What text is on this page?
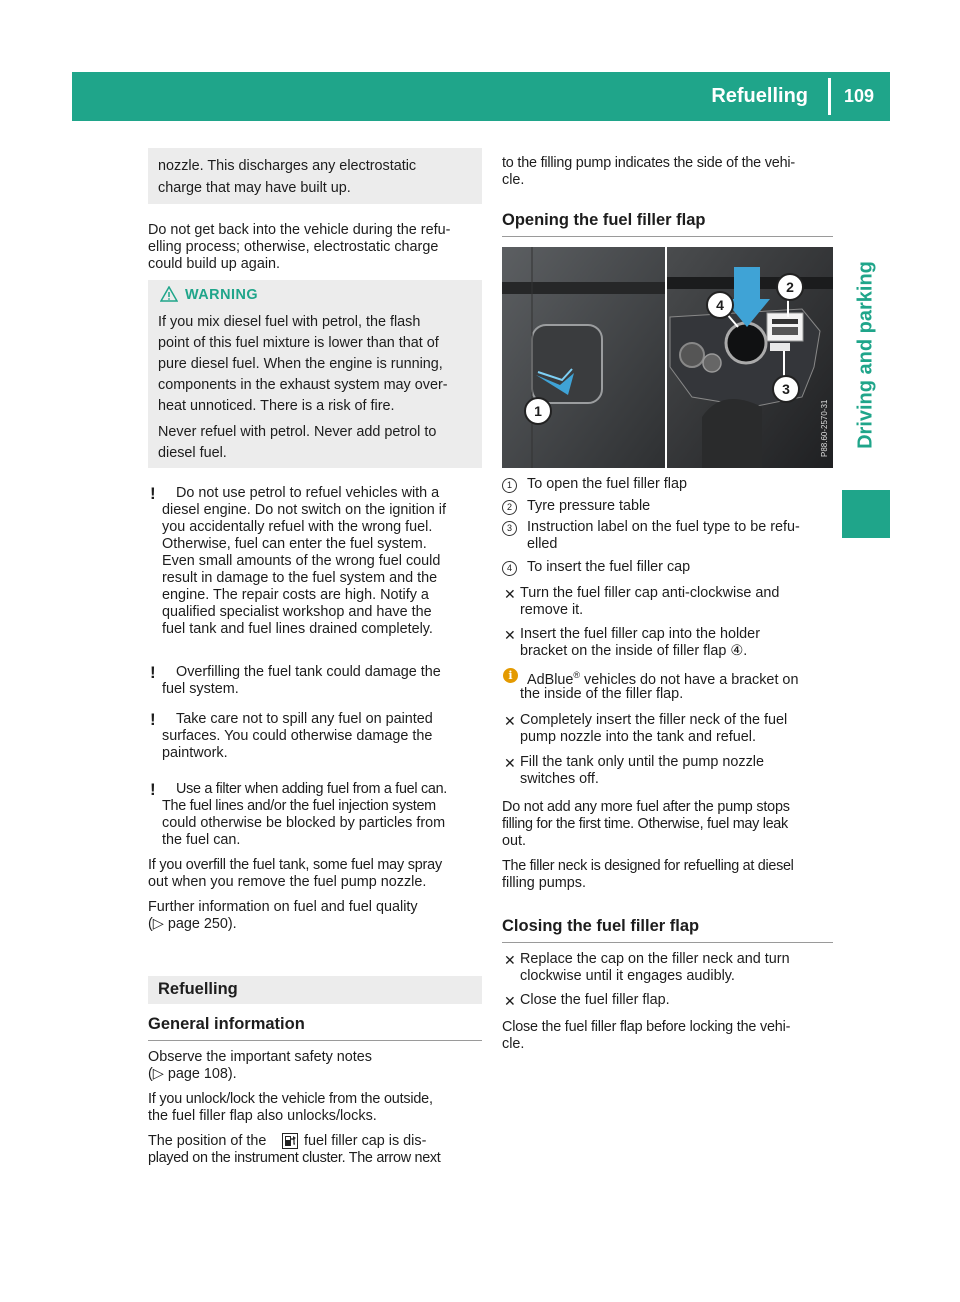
Refuelling 109
Driving and parking
nozzle. This discharges any electrostatic
charge that may have built up.
Do not get back into the vehicle during the refu-
elling process; otherwise, electrostatic charge
could build up again.
WARNING
If you mix diesel fuel with petrol, the flash
point of this fuel mixture is lower than that of
pure diesel fuel. When the engine is running,
components in the exhaust system may over-
heat unnoticed. There is a risk of fire.
Never refuel with petrol. Never add petrol to
diesel fuel.
! Do not use petrol to refuel vehicles with a
diesel engine. Do not switch on the ignition if
you accidentally refuel with the wrong fuel.
Otherwise, fuel can enter the fuel system.
Even small amounts of the wrong fuel could
result in damage to the fuel system and the
engine. The repair costs are high. Notify a
qualified specialist workshop and have the
fuel tank and fuel lines drained completely.
! Overfilling the fuel tank could damage the
fuel system.
! Take care not to spill any fuel on painted
surfaces. You could otherwise damage the
paintwork.
! Use a filter when adding fuel from a fuel can.
The fuel lines and/or the fuel injection system
could otherwise be blocked by particles from
the fuel can.
If you overfill the fuel tank, some fuel may spray
out when you remove the fuel pump nozzle.
Further information on fuel and fuel quality
(▷ page 250).
Refuelling
General information
Observe the important safety notes
(▷ page 108).
If you unlock/lock the vehicle from the outside,
the fuel filler flap also unlocks/locks.
The position of the	fuel filler cap is dis-
played on the instrument cluster. The arrow next
to the filling pump indicates the side of the vehi-
cle.
Opening the fuel filler flap
1
2
3
4
P88.60-2570-31
1	To open the fuel filler flap
2	Tyre pressure table
3	Instruction label on the fuel type to be refu-
elled
4	To insert the fuel filler cap
✕ Turn the fuel filler cap anti-clockwise and
remove it.
✕ Insert the fuel filler cap into the holder
bracket on the inside of filler flap ④.
i	AdBlue® vehicles do not have a bracket on
the inside of the filler flap.
✕ Completely insert the filler neck of the fuel
pump nozzle into the tank and refuel.
✕ Fill the tank only until the pump nozzle
switches off.
Do not add any more fuel after the pump stops
filling for the first time. Otherwise, fuel may leak
out.
The filler neck is designed for refuelling at diesel
filling pumps.
Closing the fuel filler flap
✕ Replace the cap on the filler neck and turn
clockwise until it engages audibly.
✕ Close the fuel filler flap.
Close the fuel filler flap before locking the vehi-
cle.
